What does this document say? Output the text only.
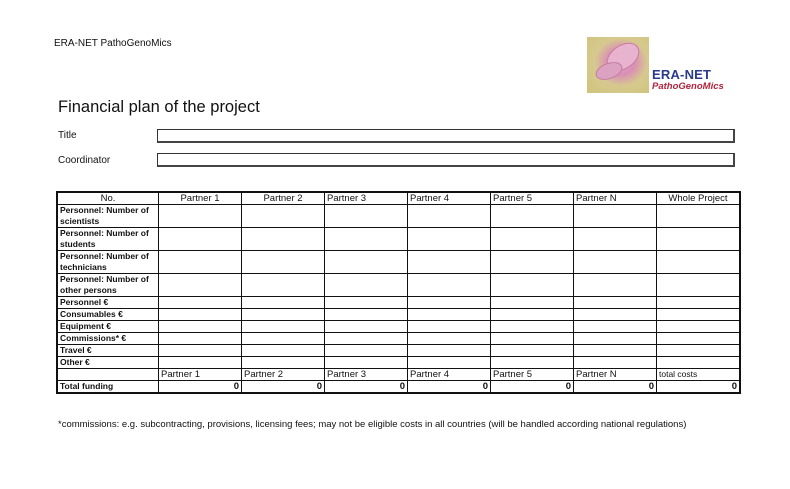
ERA-NET PathoGenoMics
ERA-NET
PathoGenoMics
Financial plan of the project
Title
Coordinator
No.	Partner 1	Partner 2	Partner 3	Partner 4	Partner 5	Partner N	Whole Project
Personnel: Number of scientists							
Personnel: Number of students							
Personnel: Number of technicians							
Personnel: Number of other persons							
Personnel €							
Consumables €							
Equipment €							
Commissions* €							
Travel €							
Other €							
	Partner 1	Partner 2	Partner 3	Partner 4	Partner 5	Partner N	total costs
Total funding	0	0	0	0	0	0	0
*commissions: e.g. subcontracting, provisions, licensing fees; may not be eligible costs in all countries (will be handled according national regulations)
